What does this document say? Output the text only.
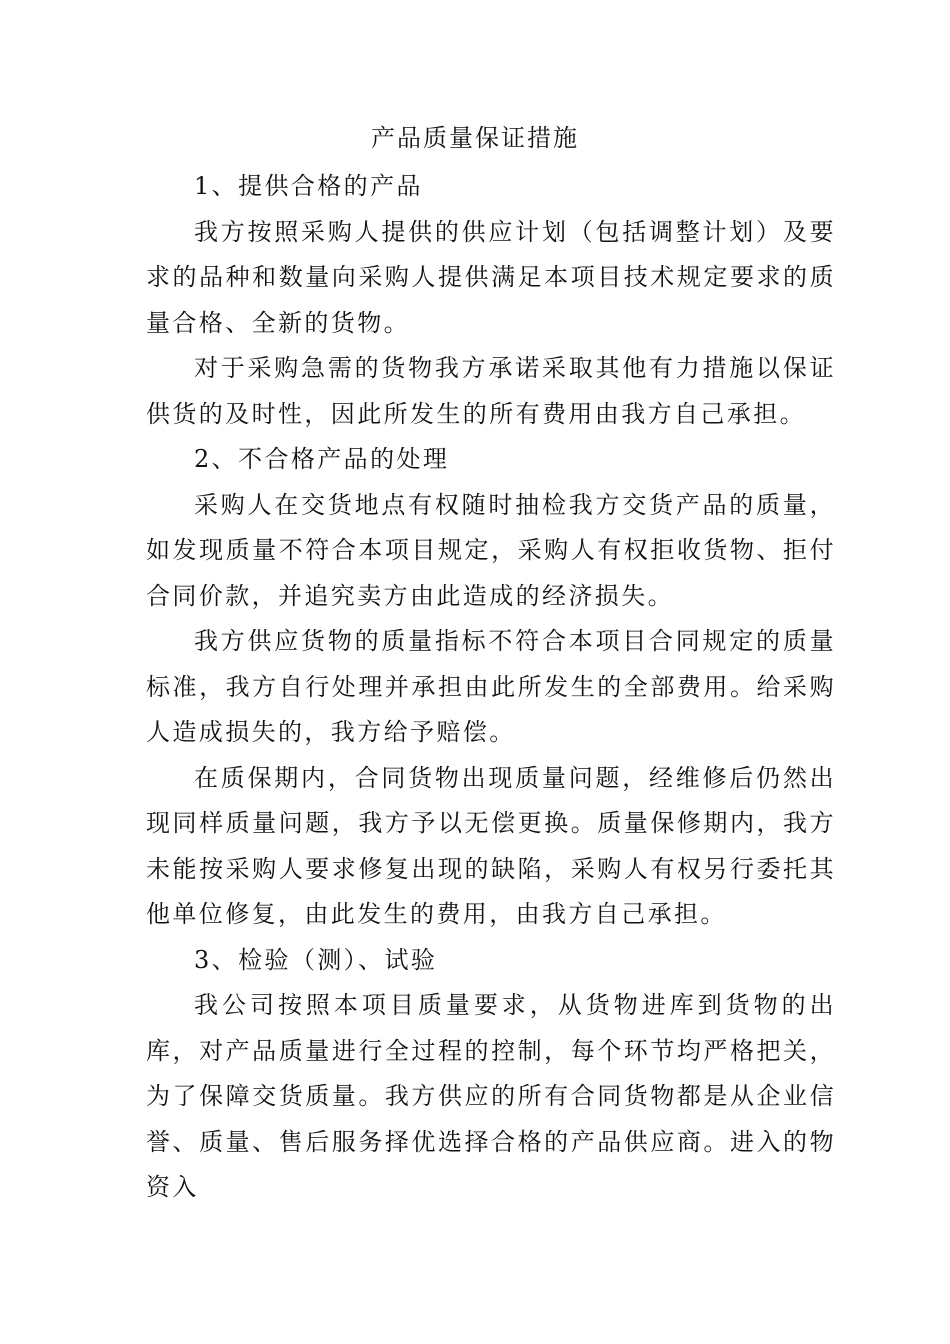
产品质量保证措施

1、提供合格的产品

我方按照采购人提供的供应计划（包括调整计划）及要求的品种和数量向采购人提供满足本项目技术规定要求的质量合格、全新的货物。

对于采购急需的货物我方承诺采取其他有力措施以保证供货的及时性，因此所发生的所有费用由我方自己承担。

2、不合格产品的处理

采购人在交货地点有权随时抽检我方交货产品的质量，如发现质量不符合本项目规定，采购人有权拒收货物、拒付合同价款，并追究卖方由此造成的经济损失。

我方供应货物的质量指标不符合本项目合同规定的质量标准，我方自行处理并承担由此所发生的全部费用。给采购人造成损失的，我方给予赔偿。

在质保期内，合同货物出现质量问题，经维修后仍然出现同样质量问题，我方予以无偿更换。质量保修期内，我方未能按采购人要求修复出现的缺陷，采购人有权另行委托其他单位修复，由此发生的费用，由我方自己承担。

3、检验（测）、试验

我公司按照本项目质量要求，从货物进库到货物的出库，对产品质量进行全过程的控制，每个环节均严格把关，为了保障交货质量。我方供应的所有合同货物都是从企业信誉、质量、售后服务择优选择合格的产品供应商。进入的物资入
